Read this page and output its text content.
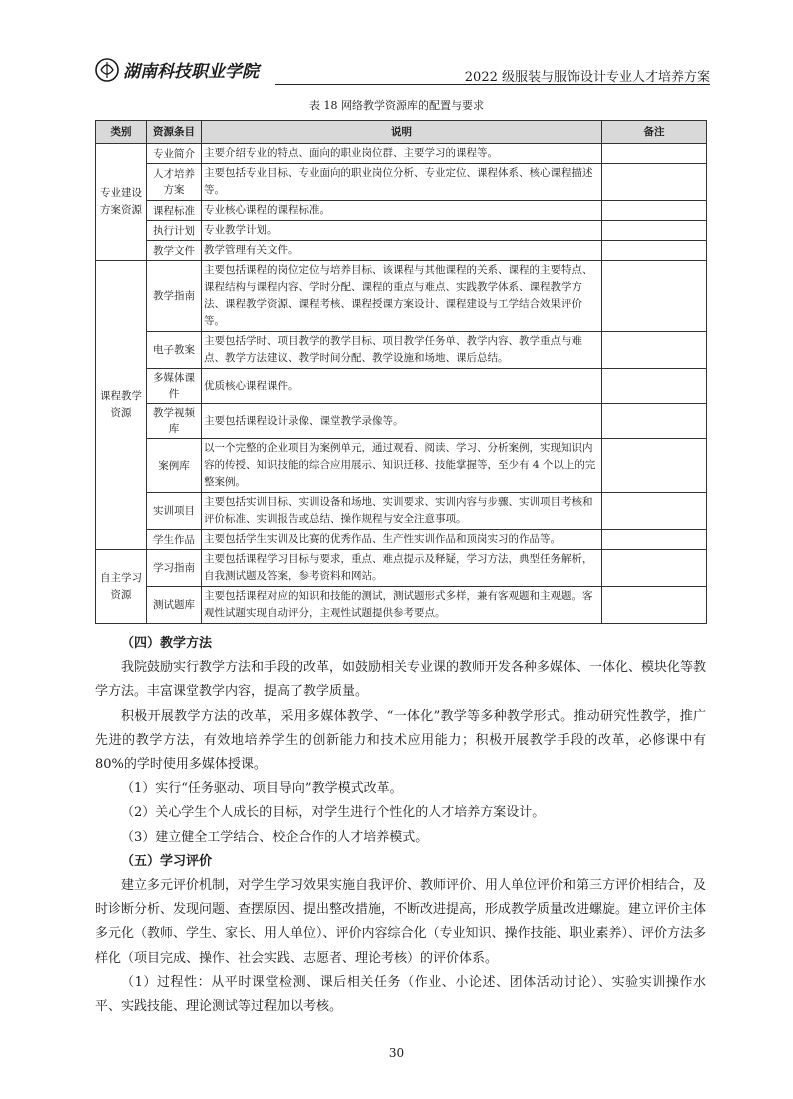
湖南科技职业学院	2022 级服装与服饰设计专业人才培养方案
表 18 网络教学资源库的配置与要求
类别	资源条目	说明	备注
专业建设方案资源	专业简介	主要介绍专业的特点、面向的职业岗位群、主要学习的课程等。	
	人才培养方案	主要包括专业目标、专业面向的职业岗位分析、专业定位、课程体系、核心课程描述等。	
	课程标准	专业核心课程的课程标准。	
	执行计划	专业教学计划。	
	教学文件	教学管理有关文件。	
课程教学资源	教学指南	主要包括课程的岗位定位与培养目标、该课程与其他课程的关系、课程的主要特点、课程结构与课程内容、学时分配、课程的重点与难点、实践教学体系、课程教学方法、课程教学资源、课程考核、课程授课方案设计、课程建设与工学结合效果评价等。	
	电子教案	主要包括学时、项目教学的教学目标、项目教学任务单、教学内容、教学重点与难点、教学方法建议、教学时间分配、教学设施和场地、课后总结。	
	多媒体课件	优质核心课程课件。	
	教学视频库	主要包括课程设计录像、课堂教学录像等。	
	案例库	以一个完整的企业项目为案例单元，通过观看、阅读、学习、分析案例，实现知识内容的传授、知识技能的综合应用展示、知识迁移、技能掌握等，至少有 4 个以上的完整案例。	
	实训项目	主要包括实训目标、实训设备和场地、实训要求、实训内容与步骤、实训项目考核和评价标准、实训报告或总结、操作规程与安全注意事项。	
	学生作品	主要包括学生实训及比赛的优秀作品、生产性实训作品和顶岗实习的作品等。	
自主学习资源	学习指南	主要包括课程学习目标与要求，重点、难点提示及释疑，学习方法，典型任务解析，自我测试题及答案，参考资料和网站。	
	测试题库	主要包括课程对应的知识和技能的测试，测试题形式多样，兼有客观题和主观题。客观性试题实现自动评分，主观性试题提供参考要点。	

（四）教学方法

我院鼓励实行教学方法和手段的改革，如鼓励相关专业课的教师开发各种多媒体、一体化、模块化等教学方法。丰富课堂教学内容，提高了教学质量。

积极开展教学方法的改革，采用多媒体教学、“一体化”教学等多种教学形式。推动研究性教学，推广先进的教学方法，有效地培养学生的创新能力和技术应用能力；积极开展教学手段的改革，必修课中有 80%的学时使用多媒体授课。

（1）实行“任务驱动、项目导向”教学模式改革。

（2）关心学生个人成长的目标，对学生进行个性化的人才培养方案设计。

（3）建立健全工学结合、校企合作的人才培养模式。

（五）学习评价

建立多元评价机制，对学生学习效果实施自我评价、教师评价、用人单位评价和第三方评价相结合，及时诊断分析、发现问题、查摆原因、提出整改措施，不断改进提高，形成教学质量改进螺旋。建立评价主体多元化（教师、学生、家长、用人单位）、评价内容综合化（专业知识、操作技能、职业素养）、评价方法多样化（项目完成、操作、社会实践、志愿者、理论考核）的评价体系。

（1）过程性：从平时课堂检测、课后相关任务（作业、小论述、团体活动讨论）、实验实训操作水平、实践技能、理论测试等过程加以考核。

30
